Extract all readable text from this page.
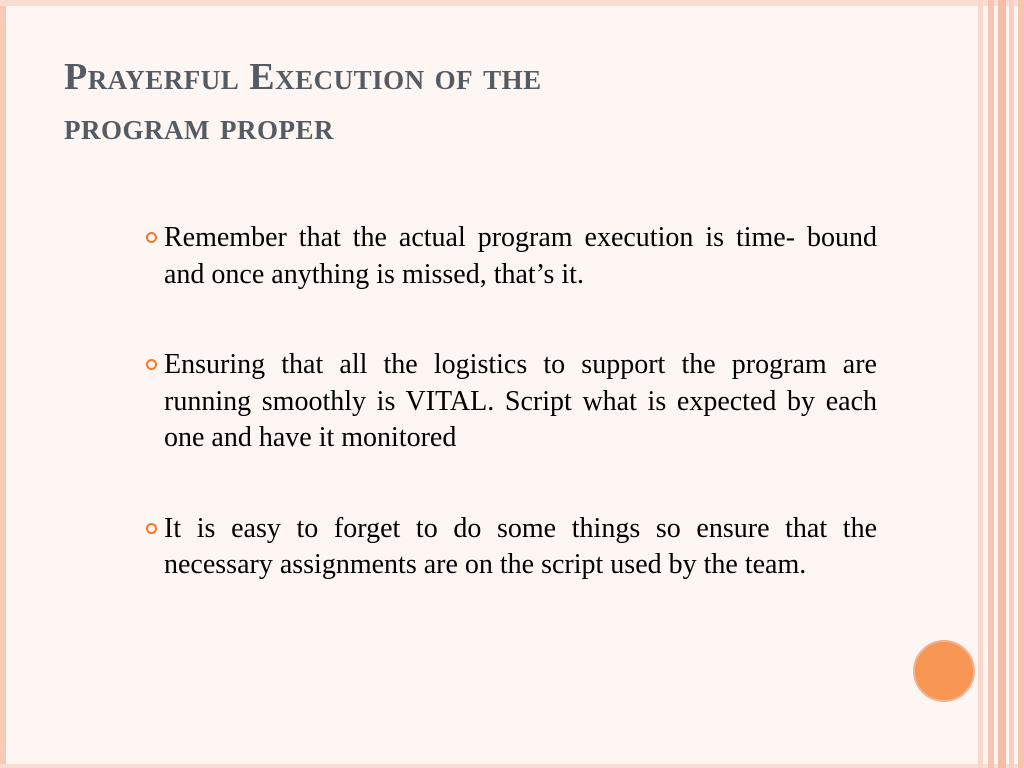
Prayerful Execution of the
program proper
Remember that the actual program execution is time- bound and once anything is missed, that’s it.
Ensuring that all the logistics to support the program are running smoothly is VITAL. Script what is expected by each one and have it monitored
It is easy to forget to do some things so ensure that the necessary assignments are on the script used by the team.
